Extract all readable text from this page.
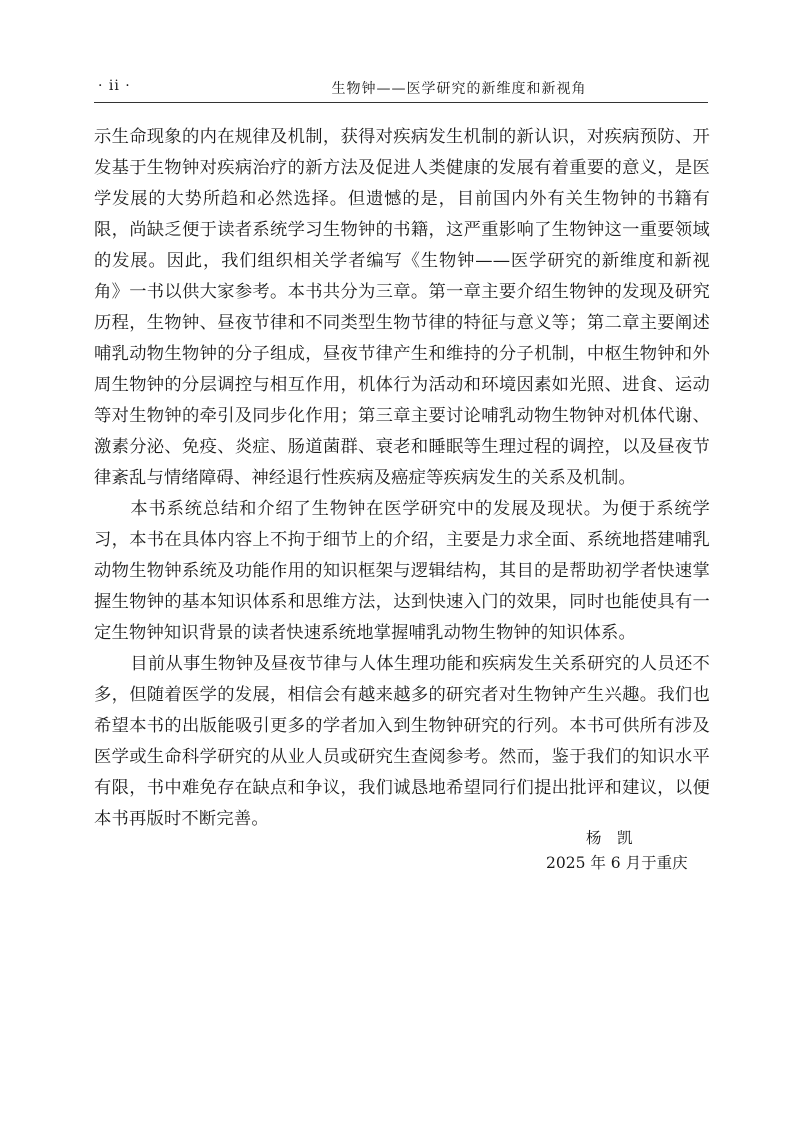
· ii ·	生物钟——医学研究的新维度和新视角

示生命现象的内在规律及机制，获得对疾病发生机制的新认识，对疾病预防、开发基于生物钟对疾病治疗的新方法及促进人类健康的发展有着重要的意义，是医学发展的大势所趋和必然选择。但遗憾的是，目前国内外有关生物钟的书籍有限，尚缺乏便于读者系统学习生物钟的书籍，这严重影响了生物钟这一重要领域的发展。因此，我们组织相关学者编写《生物钟——医学研究的新维度和新视角》一书以供大家参考。本书共分为三章。第一章主要介绍生物钟的发现及研究历程，生物钟、昼夜节律和不同类型生物节律的特征与意义等；第二章主要阐述哺乳动物生物钟的分子组成，昼夜节律产生和维持的分子机制，中枢生物钟和外周生物钟的分层调控与相互作用，机体行为活动和环境因素如光照、进食、运动等对生物钟的牵引及同步化作用；第三章主要讨论哺乳动物生物钟对机体代谢、激素分泌、免疫、炎症、肠道菌群、衰老和睡眠等生理过程的调控，以及昼夜节律紊乱与情绪障碍、神经退行性疾病及癌症等疾病发生的关系及机制。

本书系统总结和介绍了生物钟在医学研究中的发展及现状。为便于系统学习，本书在具体内容上不拘于细节上的介绍，主要是力求全面、系统地搭建哺乳动物生物钟系统及功能作用的知识框架与逻辑结构，其目的是帮助初学者快速掌握生物钟的基本知识体系和思维方法，达到快速入门的效果，同时也能使具有一定生物钟知识背景的读者快速系统地掌握哺乳动物生物钟的知识体系。

目前从事生物钟及昼夜节律与人体生理功能和疾病发生关系研究的人员还不多，但随着医学的发展，相信会有越来越多的研究者对生物钟产生兴趣。我们也希望本书的出版能吸引更多的学者加入到生物钟研究的行列。本书可供所有涉及医学或生命科学研究的从业人员或研究生查阅参考。然而，鉴于我们的知识水平有限，书中难免存在缺点和争议，我们诚恳地希望同行们提出批评和建议，以便本书再版时不断完善。

杨凯
2025 年 6 月于重庆
